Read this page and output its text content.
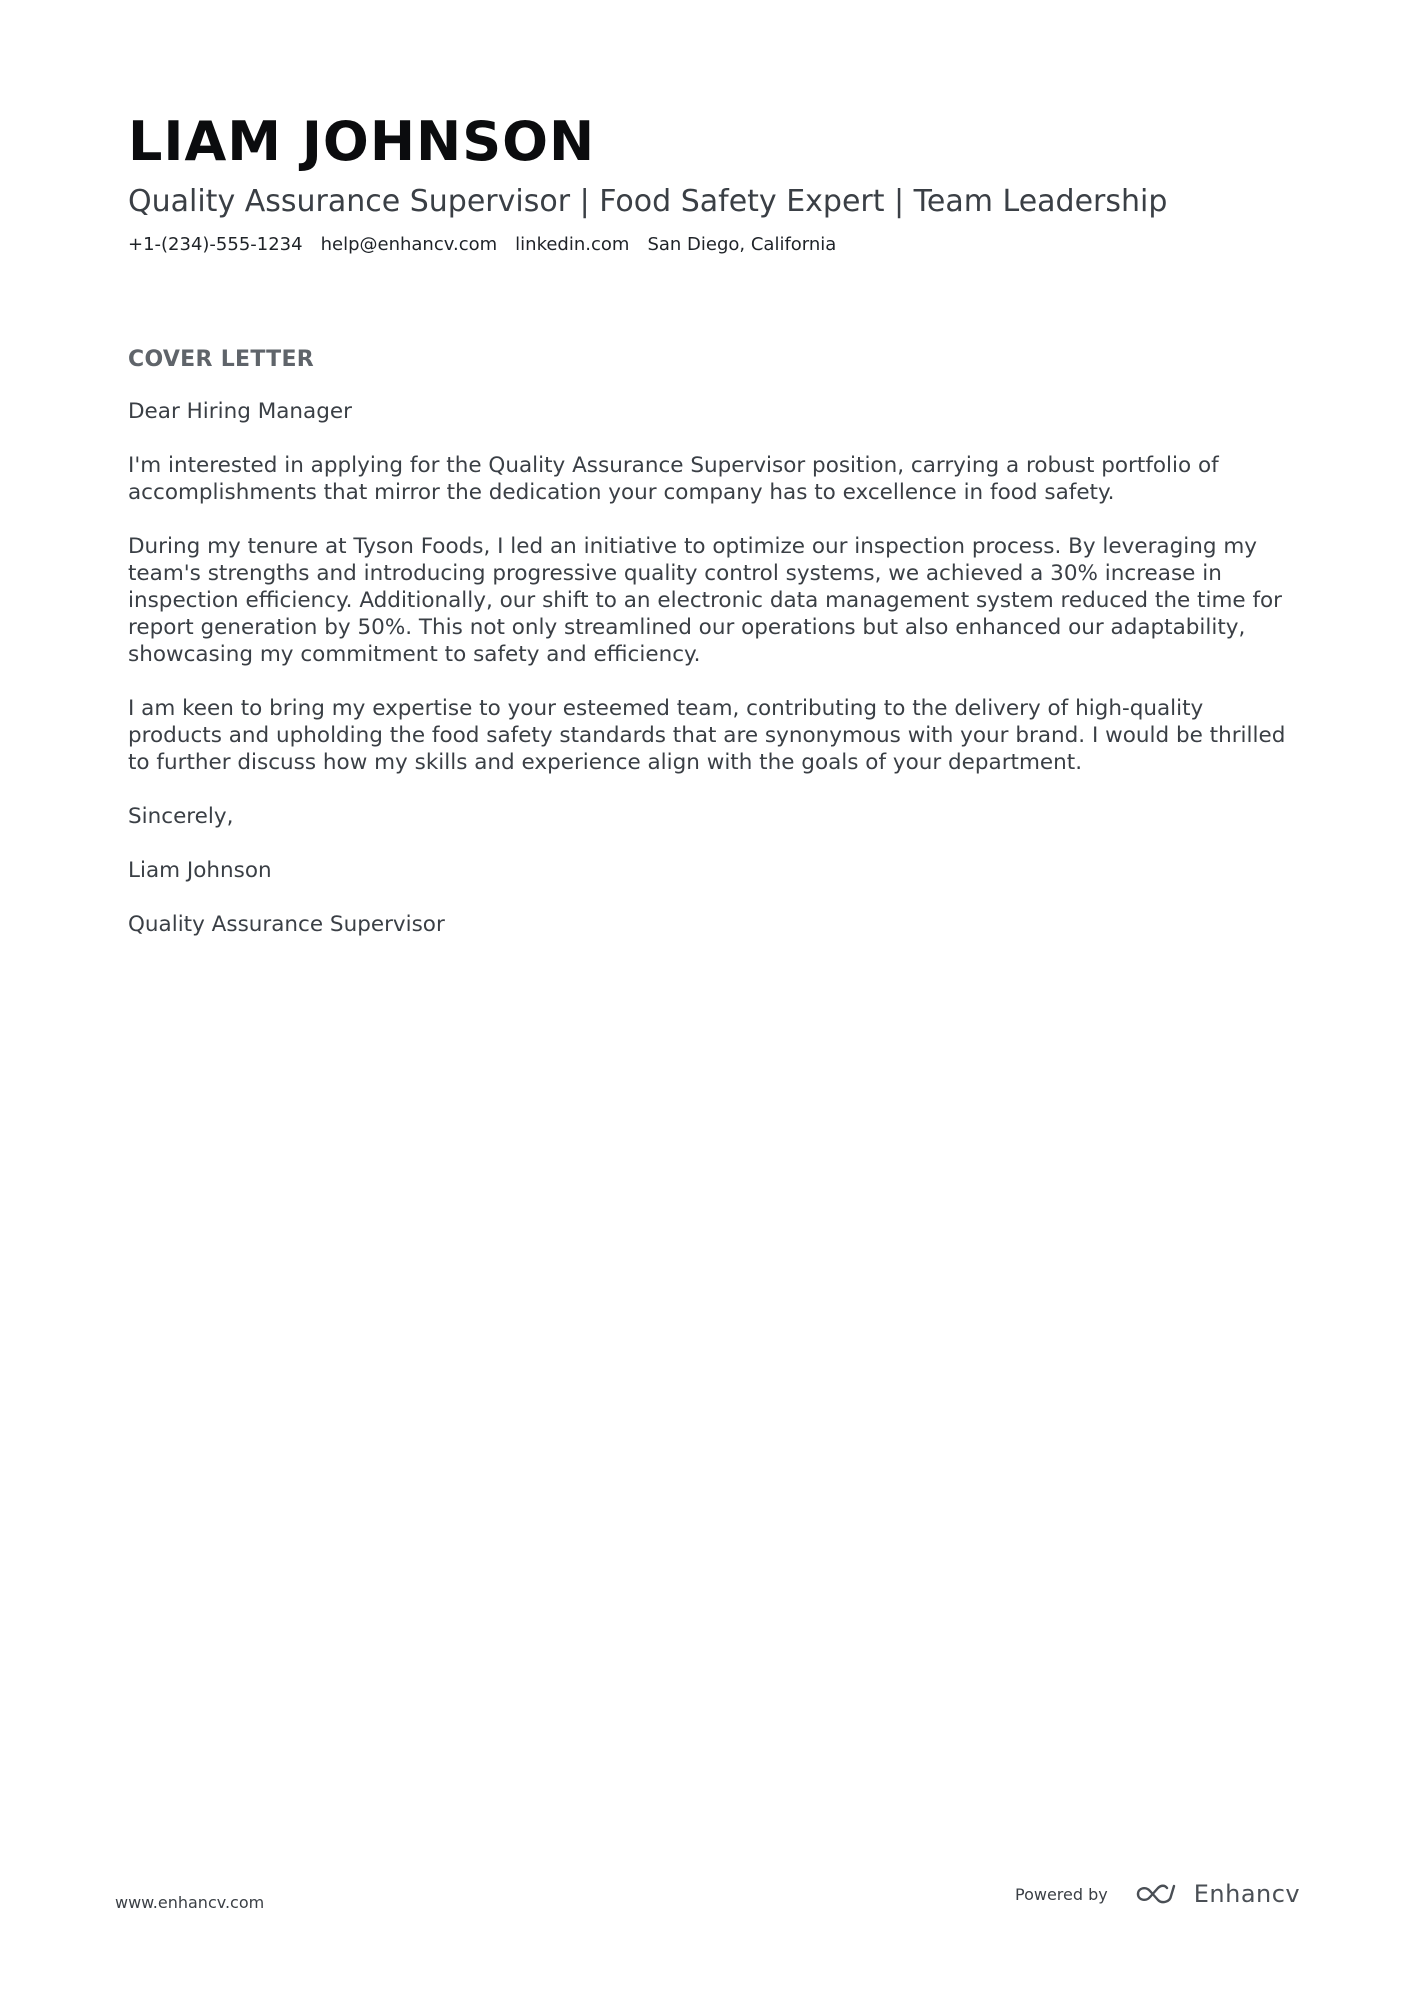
LIAM JOHNSON
Quality Assurance Supervisor | Food Safety Expert | Team Leadership
+1-(234)-555-1234 help@enhancv.com linkedin.com San Diego, California
COVER LETTER

Dear Hiring Manager

I'm interested in applying for the Quality Assurance Supervisor position, carrying a robust portfolio of accomplishments that mirror the dedication your company has to excellence in food safety.

During my tenure at Tyson Foods, I led an initiative to optimize our inspection process. By leveraging my team's strengths and introducing progressive quality control systems, we achieved a 30% increase in inspection efficiency. Additionally, our shift to an electronic data management system reduced the time for report generation by 50%. This not only streamlined our operations but also enhanced our adaptability, showcasing my commitment to safety and efficiency.

I am keen to bring my expertise to your esteemed team, contributing to the delivery of high-quality products and upholding the food safety standards that are synonymous with your brand. I would be thrilled to further discuss how my skills and experience align with the goals of your department.

Sincerely,

Liam Johnson

Quality Assurance Supervisor

www.enhancv.com	Powered by	Enhancv
